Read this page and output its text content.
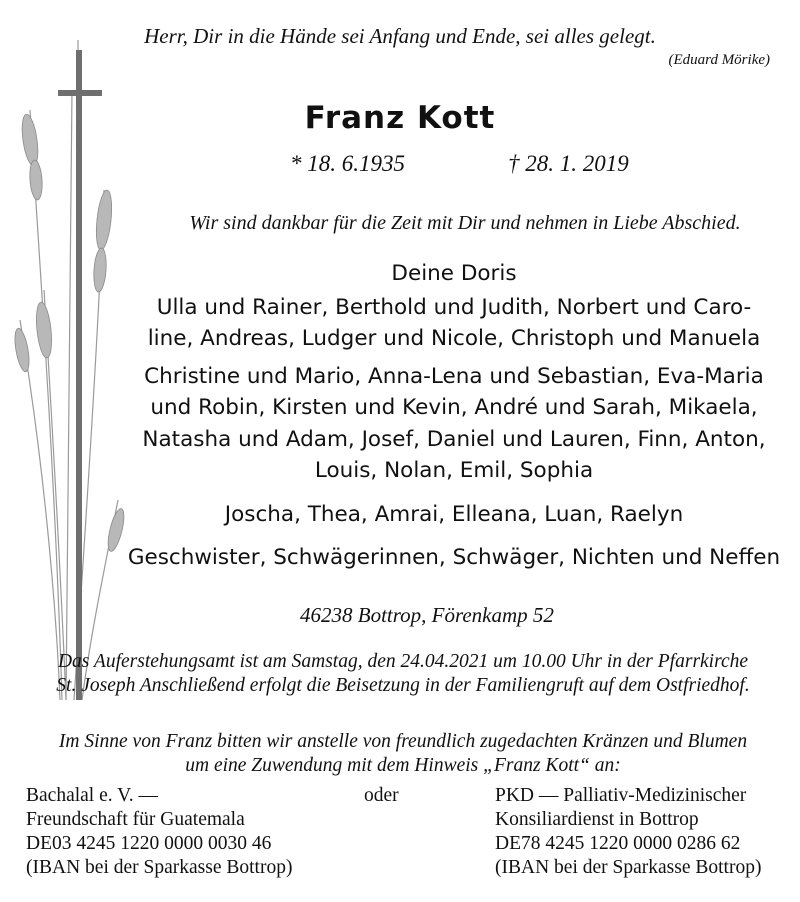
Herr, Dir in die Hände sei Anfang und Ende, sei alles gelegt.
(Eduard Mörike)
Franz Kott
* 18. 6.1935	† 28. 1. 2019
Wir sind dankbar für die Zeit mit Dir und nehmen in Liebe Abschied.

Deine Doris

Ulla und Rainer, Berthold und Judith, Norbert und Caro-

line, Andreas, Ludger und Nicole, Christoph und Manuela

Christine und Mario, Anna-Lena und Sebastian, Eva-Maria

und Robin, Kirsten und Kevin, André und Sarah, Mikaela,

Natasha und Adam, Josef, Daniel und Lauren, Finn, Anton,

Louis, Nolan, Emil, Sophia

Joscha, Thea, Amrai, Elleana, Luan, Raelyn

Geschwister, Schwägerinnen, Schwäger, Nichten und Neffen

46238 Bottrop, Förenkamp 52
Das Auferstehungsamt ist am Samstag, den 24.04.2021 um 10.00 Uhr in der Pfarrkirche
St. Joseph Anschließend erfolgt die Beisetzung in der Familiengruft auf dem Ostfriedhof.
Im Sinne von Franz bitten wir anstelle von freundlich zugedachten Kränzen und Blumen
um eine Zuwendung mit dem Hinweis „Franz Kott“ an:
Bachalal e. V. —
Freundschaft für Guatemala
DE03 4245 1220 0000 0030 46
(IBAN bei der Sparkasse Bottrop)
oder	PKD — Palliativ-Medizinischer
Konsiliardienst in Bottrop
DE78 4245 1220 0000 0286 62
(IBAN bei der Sparkasse Bottrop)
